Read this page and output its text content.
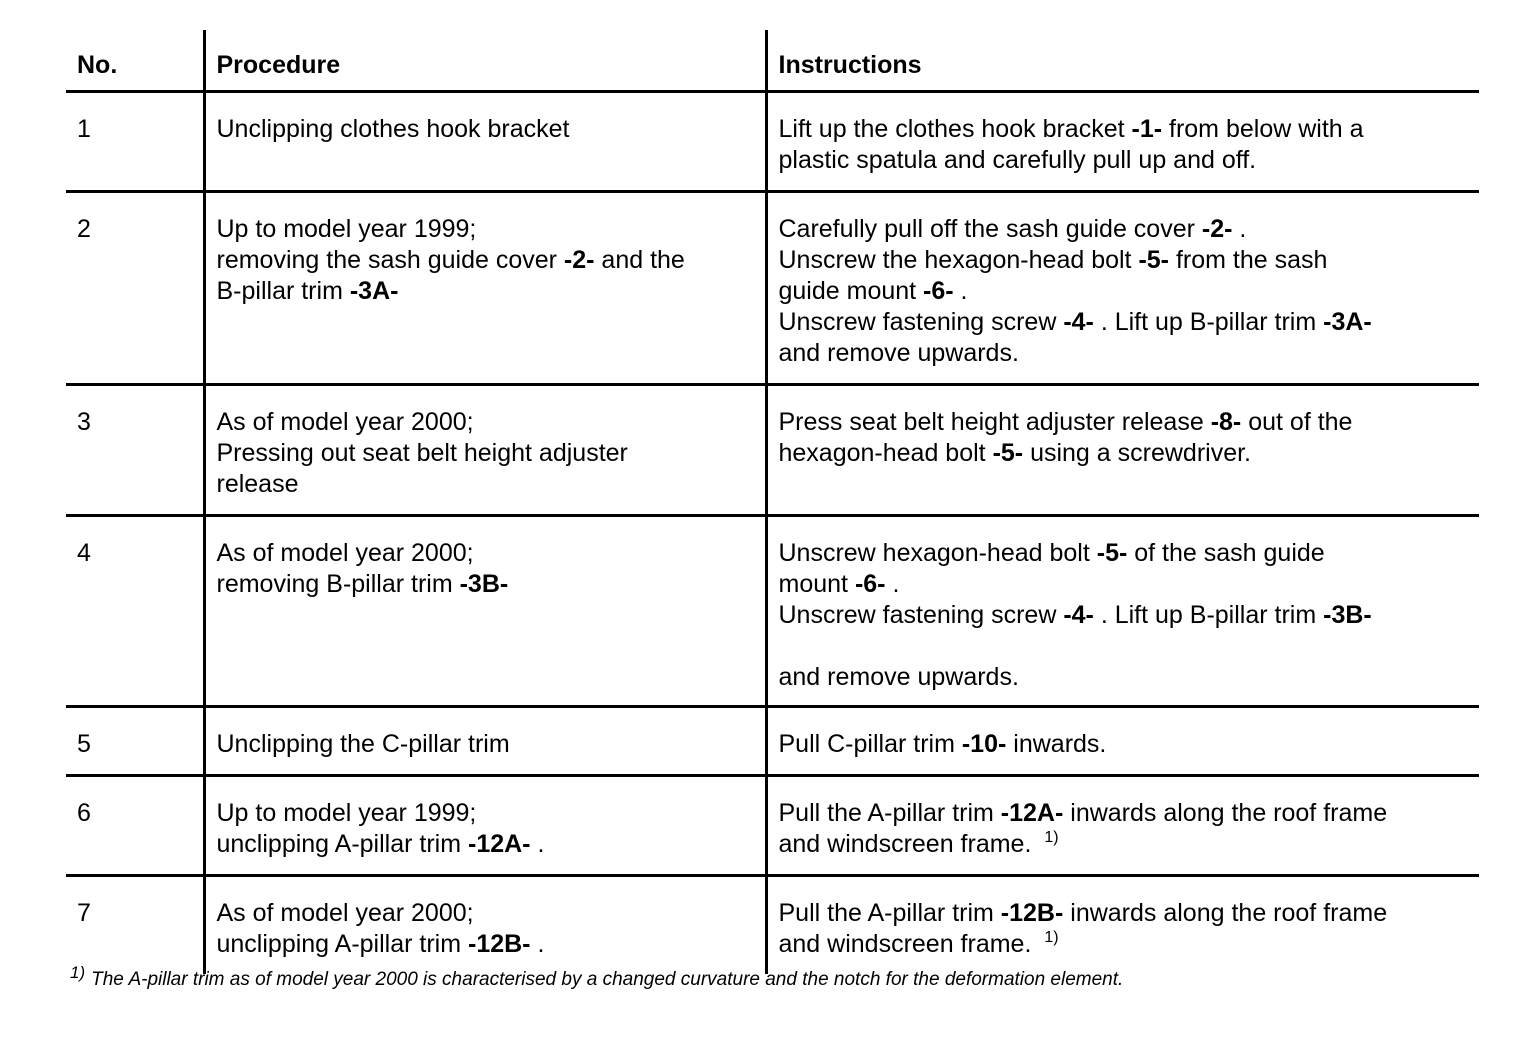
No.	Procedure	Instructions
1	Unclipping clothes hook bracket	Lift up the clothes hook bracket -1- from below with a
plastic spatula and carefully pull up and off.

2	Up to model year 1999;
removing the sash guide cover -2- and the
B-pillar trim -3A-	Carefully pull off the sash guide cover -2- .
Unscrew the hexagon-head bolt -5- from the sash
guide mount -6- .
Unscrew fastening screw -4- . Lift up B-pillar trim -3A-
and remove upwards.

3	As of model year 2000;
Pressing out seat belt height adjuster
release	Press seat belt height adjuster release -8- out of the
hexagon-head bolt -5- using a screwdriver.

4	As of model year 2000;
removing B-pillar trim -3B-	Unscrew hexagon-head bolt -5- of the sash guide
mount -6- .
Unscrew fastening screw -4- . Lift up B-pillar trim -3B-
and remove upwards.

5	Unclipping the C-pillar trim	Pull C-pillar trim -10- inwards.

6	Up to model year 1999;
unclipping A-pillar trim -12A- .	Pull the A-pillar trim -12A- inwards along the roof frame
and windscreen frame. $^{1)}$

7	As of model year 2000;
unclipping A-pillar trim -12B- .	Pull the A-pillar trim -12B- inwards along the roof frame
and windscreen frame. $^{1)}$
1) The A-pillar trim as of model year 2000 is characterised by a changed curvature and the notch for the deformation element.
